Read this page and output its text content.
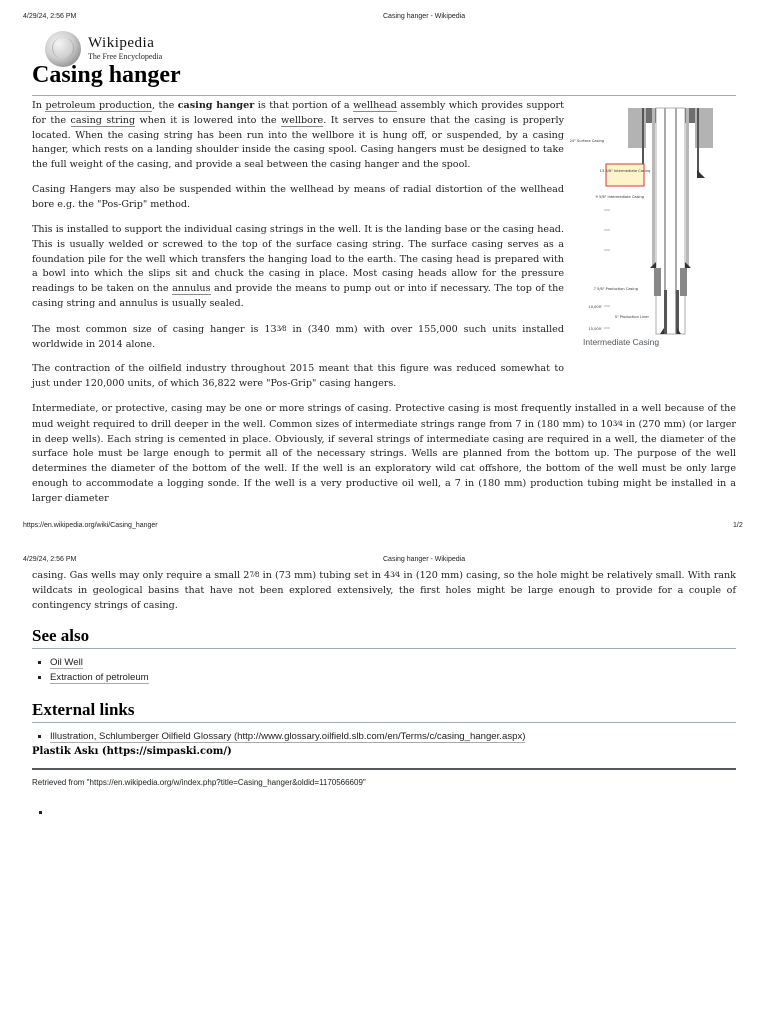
4/29/24, 2:56 PM	Casing hanger - Wikipedia
Wikipedia
The Free Encyclopedia
Casing hanger

In petroleum production, the casing hanger is that portion of a wellhead assembly which provides support for the casing string when it is lowered into the wellbore. It serves to ensure that the casing is properly located. When the casing string has been run into the wellbore it is hung off, or suspended, by a casing hanger, which rests on a landing shoulder inside the casing spool. Casing hangers must be designed to take the full weight of the casing, and provide a seal between the casing hanger and the spool.

Casing Hangers may also be suspended within the wellhead by means of radial distortion of the wellhead bore e.g. the "Pos-Grip" method.

This is installed to support the individual casing strings in the well. It is the landing base or the casing head. This is usually welded or screwed to the top of the surface casing string. The surface casing serves as a foundation pile for the well which transfers the hanging load to the earth. The casing head is prepared with a bowl into which the slips sit and chuck the casing in place. Most casing heads allow for the pressure readings to be taken on the annulus and provide the means to pump out or into if necessary. The top of the casing string and annulus is usually sealed.

The most common size of casing hanger is 133⁄8 in (340 mm) with over 155,000 such units installed worldwide in 2014 alone.

The contraction of the oilfield industry throughout 2015 meant that this figure was reduced somewhat to just under 120,000 units, of which 36,822 were "Pos-Grip" casing hangers.

Intermediate, or protective, casing may be one or more strings of casing. Protective casing is most frequently installed in a well because of the mud weight required to drill deeper in the well. Common sizes of intermediate strings range from 7 in (180 mm) to 103⁄4 in (270 mm) (or larger in deep wells). Each string is cemented in place. Obviously, if several strings of intermediate casing are required in a well, the diameter of the surface hole must be large enough to permit all of the necessary strings. Wells are planned from the bottom up. The purpose of the well determines the diameter of the bottom of the well. If the well is an exploratory wild cat offshore, the bottom of the well must be only large enough to accommodate a logging sonde. If the well is a very productive oil well, a 7 in (180 mm) production tubing might be installed in a larger diameter

13 3/8" Intermediate Casing
20" Surface Casing
9 5/8" Intermediate Casing
7 5/8" Production Casing
5" Production Liner
10,000'
15,000'
Intermediate Casing
https://en.wikipedia.org/wiki/Casing_hanger	1/2
4/29/24, 2:56 PM	Casing hanger - Wikipedia

casing. Gas wells may only require a small 27⁄8 in (73 mm) tubing set in 43⁄4 in (120 mm) casing, so the hole might be relatively small. With rank wildcats in geological basins that have not been explored extensively, the first holes might be large enough to provide for a couple of contingency strings of casing.

See also
Oil Well
Extraction of petroleum
External links
Illustration, Schlumberger Oilfield Glossary (http://www.glossary.oilfield.slb.com/en/Terms/c/casing_hanger.aspx)
Plastik Askı (https://simpaski.com/)
Retrieved from "https://en.wikipedia.org/w/index.php?title=Casing_hanger&oldid=1170566609"
